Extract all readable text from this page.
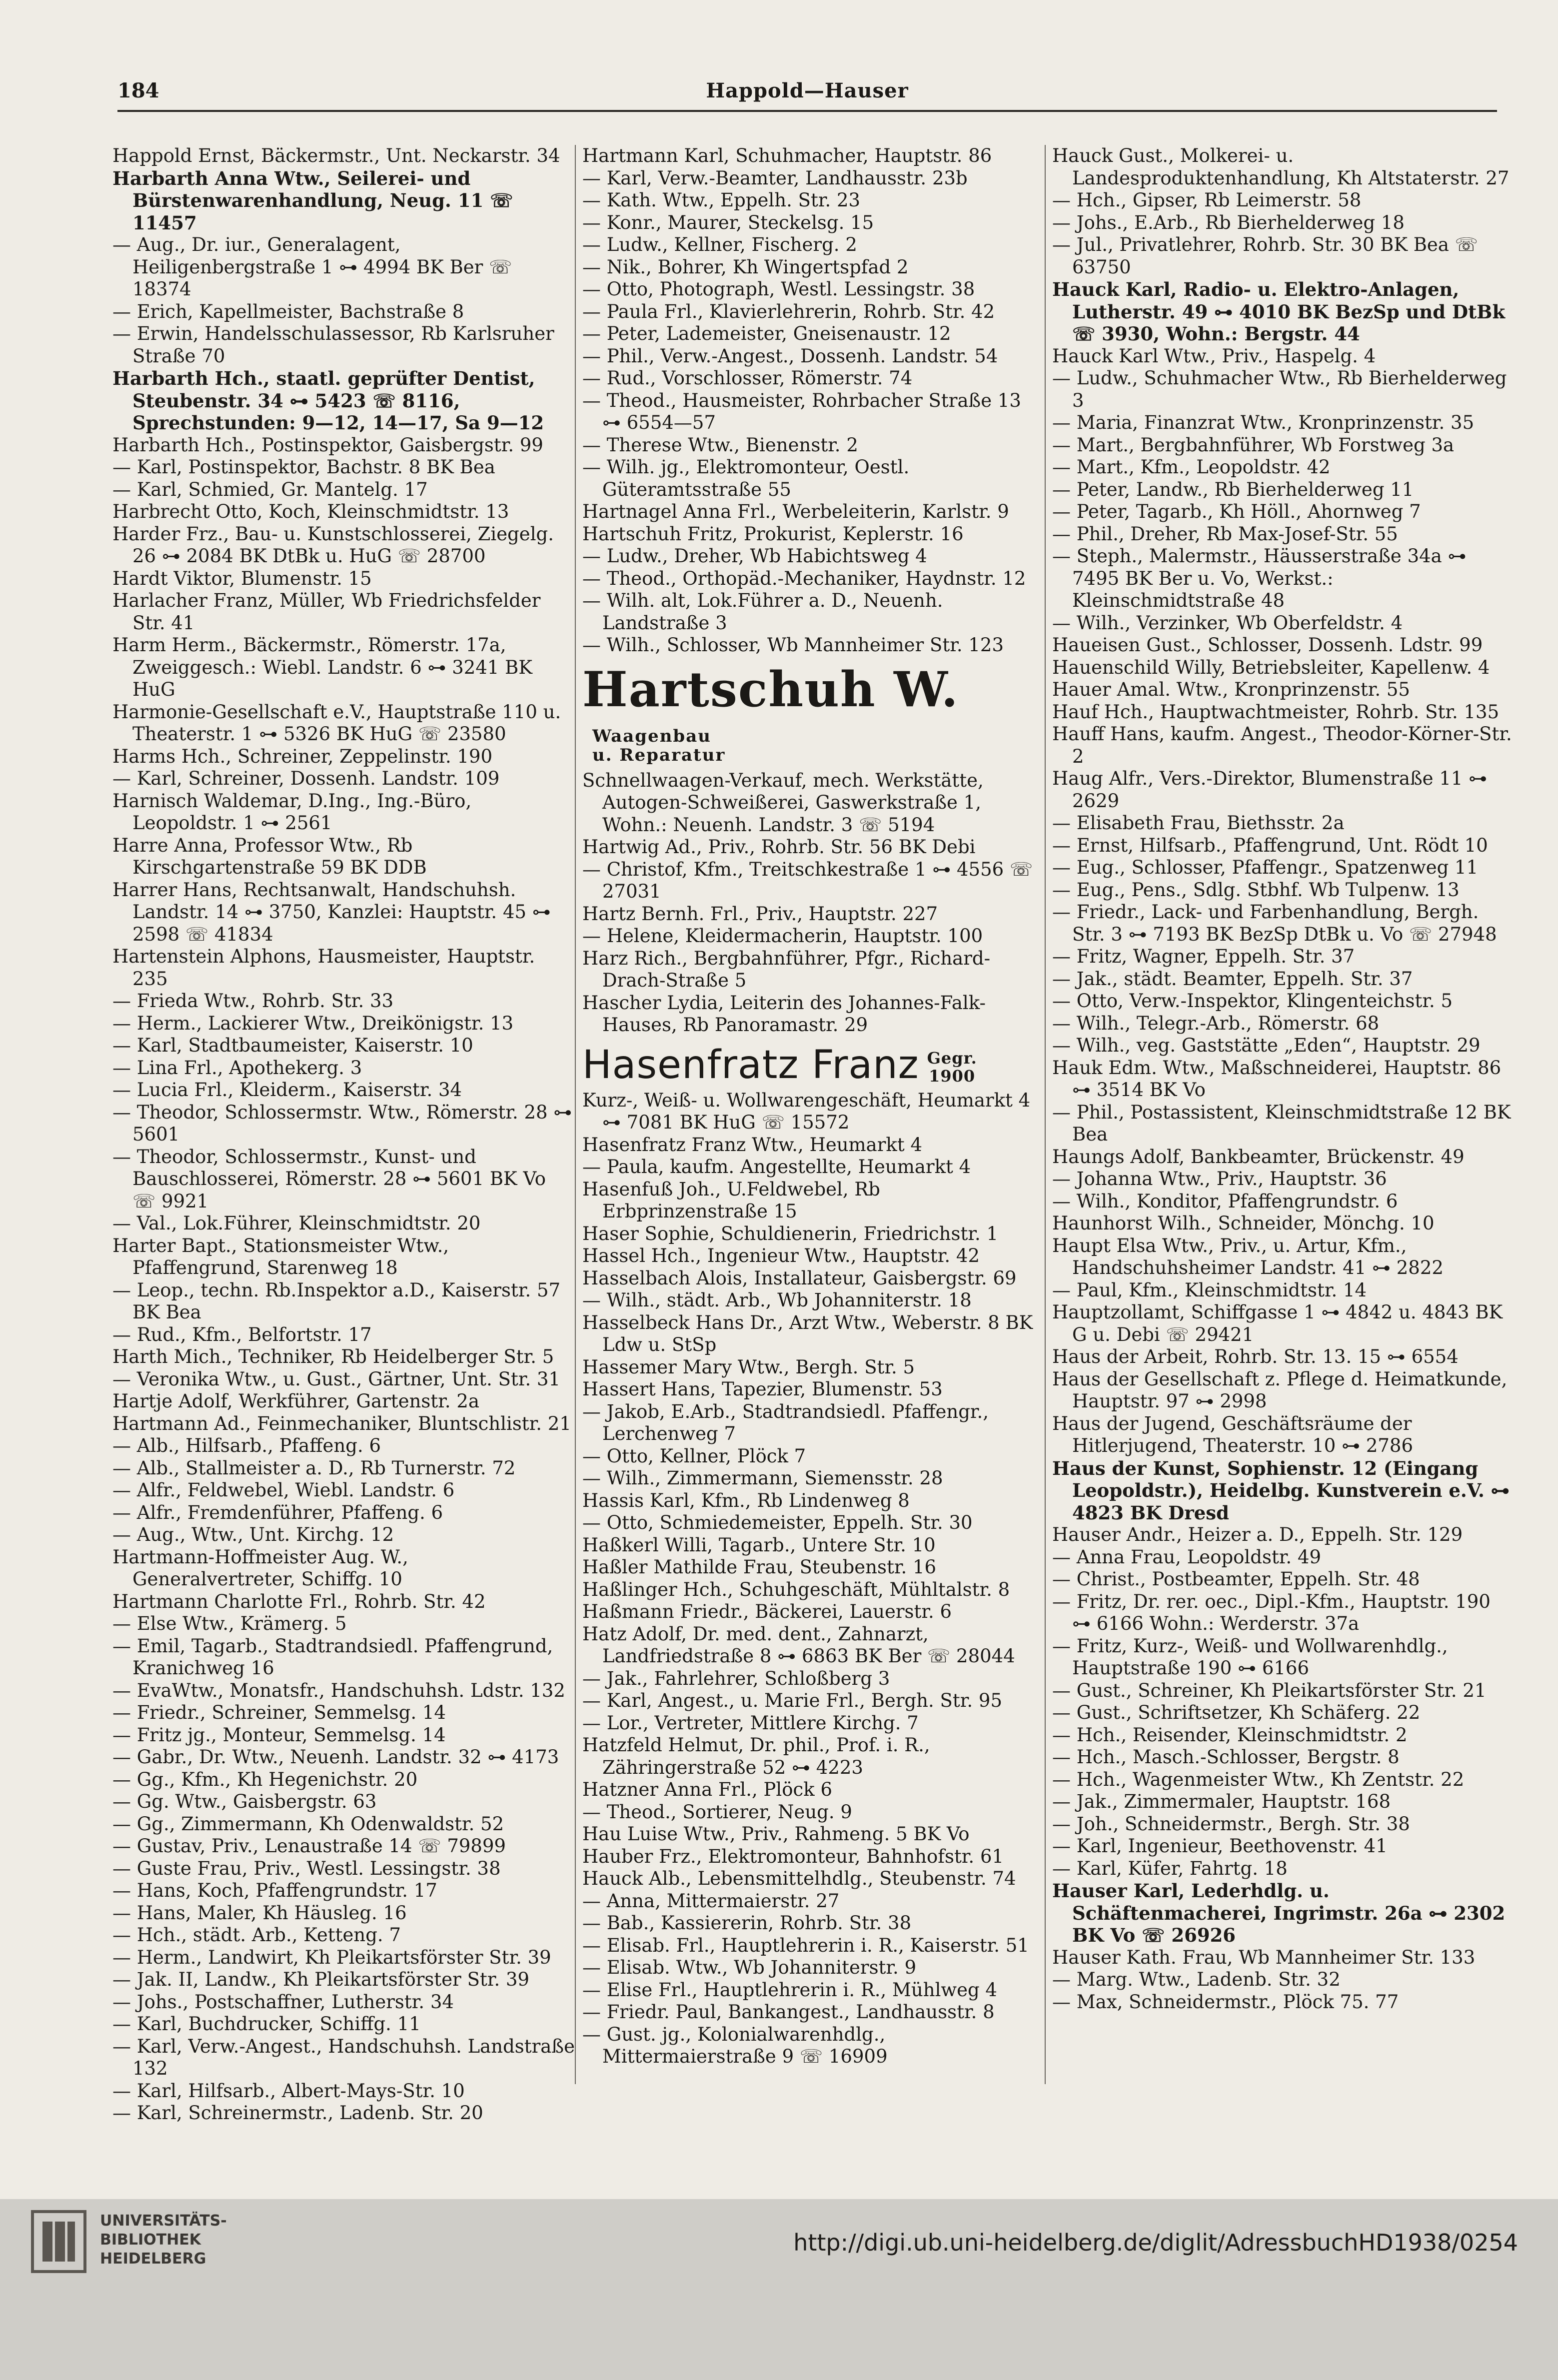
184	Happold—Hauser

Happold Ernst, Bäckermstr., Unt. Neckarstr. 34

Harbarth Anna Wtw., Seilerei- und Bürstenwarenhandlung, Neug. 11 ☏ 11457

— Aug., Dr. iur., Generalagent, Heiligenbergstraße 1 ⊶ 4994 BK Ber ☏ 18374

— Erich, Kapellmeister, Bachstraße 8

— Erwin, Handelsschulassessor, Rb Karlsruher Straße 70

Harbarth Hch., staatl. geprüfter Dentist, Steubenstr. 34 ⊶ 5423 ☏ 8116, Sprechstunden: 9—12, 14—17, Sa 9—12

Harbarth Hch., Postinspektor, Gaisbergstr. 99

— Karl, Postinspektor, Bachstr. 8 BK Bea

— Karl, Schmied, Gr. Mantelg. 17

Harbrecht Otto, Koch, Kleinschmidtstr. 13

Harder Frz., Bau- u. Kunstschlosserei, Ziegelg. 26 ⊶ 2084 BK DtBk u. HuG ☏ 28700

Hardt Viktor, Blumenstr. 15

Harlacher Franz, Müller, Wb Friedrichsfelder Str. 41

Harm Herm., Bäckermstr., Römerstr. 17a, Zweiggesch.: Wiebl. Landstr. 6 ⊶ 3241 BK HuG

Harmonie-Gesellschaft e.V., Hauptstraße 110 u. Theaterstr. 1 ⊶ 5326 BK HuG ☏ 23580

Harms Hch., Schreiner, Zeppelinstr. 190

— Karl, Schreiner, Dossenh. Landstr. 109

Harnisch Waldemar, D.Ing., Ing.-Büro, Leopoldstr. 1 ⊶ 2561

Harre Anna, Professor Wtw., Rb Kirschgartenstraße 59 BK DDB

Harrer Hans, Rechtsanwalt, Handschuhsh. Landstr. 14 ⊶ 3750, Kanzlei: Hauptstr. 45 ⊶ 2598 ☏ 41834

Hartenstein Alphons, Hausmeister, Hauptstr. 235

— Frieda Wtw., Rohrb. Str. 33

— Herm., Lackierer Wtw., Dreikönigstr. 13

— Karl, Stadtbaumeister, Kaiserstr. 10

— Lina Frl., Apothekerg. 3

— Lucia Frl., Kleiderm., Kaiserstr. 34

— Theodor, Schlossermstr. Wtw., Römerstr. 28 ⊶ 5601

— Theodor, Schlossermstr., Kunst- und Bauschlosserei, Römerstr. 28 ⊶ 5601 BK Vo ☏ 9921

— Val., Lok.Führer, Kleinschmidtstr. 20

Harter Bapt., Stationsmeister Wtw., Pfaffengrund, Starenweg 18

— Leop., techn. Rb.Inspektor a.D., Kaiserstr. 57 BK Bea

— Rud., Kfm., Belfortstr. 17

Harth Mich., Techniker, Rb Heidelberger Str. 5

— Veronika Wtw., u. Gust., Gärtner, Unt. Str. 31

Hartje Adolf, Werkführer, Gartenstr. 2a

Hartmann Ad., Feinmechaniker, Bluntschlistr. 21

— Alb., Hilfsarb., Pfaffeng. 6

— Alb., Stallmeister a. D., Rb Turnerstr. 72

— Alfr., Feldwebel, Wiebl. Landstr. 6

— Alfr., Fremdenführer, Pfaffeng. 6

— Aug., Wtw., Unt. Kirchg. 12

Hartmann-Hoffmeister Aug. W., Generalvertreter, Schiffg. 10

Hartmann Charlotte Frl., Rohrb. Str. 42

— Else Wtw., Krämerg. 5

— Emil, Tagarb., Stadtrandsiedl. Pfaffengrund, Kranichweg 16

— EvaWtw., Monatsfr., Handschuhsh. Ldstr. 132

— Friedr., Schreiner, Semmelsg. 14

— Fritz jg., Monteur, Semmelsg. 14

— Gabr., Dr. Wtw., Neuenh. Landstr. 32 ⊶ 4173

— Gg., Kfm., Kh Hegenichstr. 20

— Gg. Wtw., Gaisbergstr. 63

— Gg., Zimmermann, Kh Odenwaldstr. 52

— Gustav, Priv., Lenaustraße 14 ☏ 79899

— Guste Frau, Priv., Westl. Lessingstr. 38

— Hans, Koch, Pfaffengrundstr. 17

— Hans, Maler, Kh Häusleg. 16

— Hch., städt. Arb., Ketteng. 7

— Herm., Landwirt, Kh Pleikartsförster Str. 39

— Jak. II, Landw., Kh Pleikartsförster Str. 39

— Johs., Postschaffner, Lutherstr. 34

— Karl, Buchdrucker, Schiffg. 11

— Karl, Verw.-Angest., Handschuhsh. Landstraße 132

— Karl, Hilfsarb., Albert-Mays-Str. 10

— Karl, Schreinermstr., Ladenb. Str. 20

Hartmann Karl, Schuhmacher, Hauptstr. 86

— Karl, Verw.-Beamter, Landhausstr. 23b

— Kath. Wtw., Eppelh. Str. 23

— Konr., Maurer, Steckelsg. 15

— Ludw., Kellner, Fischerg. 2

— Nik., Bohrer, Kh Wingertspfad 2

— Otto, Photograph, Westl. Lessingstr. 38

— Paula Frl., Klavierlehrerin, Rohrb. Str. 42

— Peter, Lademeister, Gneisenaustr. 12

— Phil., Verw.-Angest., Dossenh. Landstr. 54

— Rud., Vorschlosser, Römerstr. 74

— Theod., Hausmeister, Rohrbacher Straße 13 ⊶ 6554—57

— Therese Wtw., Bienenstr. 2

— Wilh. jg., Elektromonteur, Oestl. Güteramtsstraße 55

Hartnagel Anna Frl., Werbeleiterin, Karlstr. 9

Hartschuh Fritz, Prokurist, Keplerstr. 16

— Ludw., Dreher, Wb Habichtsweg 4

— Theod., Orthopäd.-Mechaniker, Haydnstr. 12

— Wilh. alt, Lok.Führer a. D., Neuenh. Landstraße 3

— Wilh., Schlosser, Wb Mannheimer Str. 123

Hartschuh W.Waagenbau
u. Reparatur

Schnellwaagen-Verkauf, mech. Werkstätte, Autogen-Schweißerei, Gaswerkstraße 1, Wohn.: Neuenh. Landstr. 3 ☏ 5194

Hartwig Ad., Priv., Rohrb. Str. 56 BK Debi

— Christof, Kfm., Treitschkestraße 1 ⊶ 4556 ☏ 27031

Hartz Bernh. Frl., Priv., Hauptstr. 227

— Helene, Kleidermacherin, Hauptstr. 100

Harz Rich., Bergbahnführer, Pfgr., Richard-Drach-Straße 5

Hascher Lydia, Leiterin des Johannes-Falk-Hauses, Rb Panoramastr. 29

Hasenfratz Franz Gegr.
1900

Kurz-, Weiß- u. Wollwarengeschäft, Heumarkt 4 ⊶ 7081 BK HuG ☏ 15572

Hasenfratz Franz Wtw., Heumarkt 4

— Paula, kaufm. Angestellte, Heumarkt 4

Hasenfuß Joh., U.Feldwebel, Rb Erbprinzenstraße 15

Haser Sophie, Schuldienerin, Friedrichstr. 1

Hassel Hch., Ingenieur Wtw., Hauptstr. 42

Hasselbach Alois, Installateur, Gaisbergstr. 69

— Wilh., städt. Arb., Wb Johanniterstr. 18

Hasselbeck Hans Dr., Arzt Wtw., Weberstr. 8 BK Ldw u. StSp

Hassemer Mary Wtw., Bergh. Str. 5

Hassert Hans, Tapezier, Blumenstr. 53

— Jakob, E.Arb., Stadtrandsiedl. Pfaffengr., Lerchenweg 7

— Otto, Kellner, Plöck 7

— Wilh., Zimmermann, Siemensstr. 28

Hassis Karl, Kfm., Rb Lindenweg 8

— Otto, Schmiedemeister, Eppelh. Str. 30

Haßkerl Willi, Tagarb., Untere Str. 10

Haßler Mathilde Frau, Steubenstr. 16

Haßlinger Hch., Schuhgeschäft, Mühltalstr. 8

Haßmann Friedr., Bäckerei, Lauerstr. 6

Hatz Adolf, Dr. med. dent., Zahnarzt, Landfriedstraße 8 ⊶ 6863 BK Ber ☏ 28044

— Jak., Fahrlehrer, Schloßberg 3

— Karl, Angest., u. Marie Frl., Bergh. Str. 95

— Lor., Vertreter, Mittlere Kirchg. 7

Hatzfeld Helmut, Dr. phil., Prof. i. R., Zähringerstraße 52 ⊶ 4223

Hatzner Anna Frl., Plöck 6

— Theod., Sortierer, Neug. 9

Hau Luise Wtw., Priv., Rahmeng. 5 BK Vo

Hauber Frz., Elektromonteur, Bahnhofstr. 61

Hauck Alb., Lebensmittelhdlg., Steubenstr. 74

— Anna, Mittermaierstr. 27

— Bab., Kassiererin, Rohrb. Str. 38

— Elisab. Frl., Hauptlehrerin i. R., Kaiserstr. 51

— Elisab. Wtw., Wb Johanniterstr. 9

— Elise Frl., Hauptlehrerin i. R., Mühlweg 4

— Friedr. Paul, Bankangest., Landhausstr. 8

— Gust. jg., Kolonialwarenhdlg., Mittermaierstraße 9 ☏ 16909

Hauck Gust., Molkerei- u. Landesproduktenhandlung, Kh Altstaterstr. 27

— Hch., Gipser, Rb Leimerstr. 58

— Johs., E.Arb., Rb Bierhelderweg 18

— Jul., Privatlehrer, Rohrb. Str. 30 BK Bea ☏ 63750

Hauck Karl, Radio- u. Elektro-Anlagen, Lutherstr. 49 ⊶ 4010 BK BezSp und DtBk ☏ 3930, Wohn.: Bergstr. 44

Hauck Karl Wtw., Priv., Haspelg. 4

— Ludw., Schuhmacher Wtw., Rb Bierhelderweg 3

— Maria, Finanzrat Wtw., Kronprinzenstr. 35

— Mart., Bergbahnführer, Wb Forstweg 3a

— Mart., Kfm., Leopoldstr. 42

— Peter, Landw., Rb Bierhelderweg 11

— Peter, Tagarb., Kh Höll., Ahornweg 7

— Phil., Dreher, Rb Max-Josef-Str. 55

— Steph., Malermstr., Häusserstraße 34a ⊶ 7495 BK Ber u. Vo, Werkst.: Kleinschmidtstraße 48

— Wilh., Verzinker, Wb Oberfeldstr. 4

Haueisen Gust., Schlosser, Dossenh. Ldstr. 99

Hauenschild Willy, Betriebsleiter, Kapellenw. 4

Hauer Amal. Wtw., Kronprinzenstr. 55

Hauf Hch., Hauptwachtmeister, Rohrb. Str. 135

Hauff Hans, kaufm. Angest., Theodor-Körner-Str. 2

Haug Alfr., Vers.-Direktor, Blumenstraße 11 ⊶ 2629

— Elisabeth Frau, Biethsstr. 2a

— Ernst, Hilfsarb., Pfaffengrund, Unt. Rödt 10

— Eug., Schlosser, Pfaffengr., Spatzenweg 11

— Eug., Pens., Sdlg. Stbhf. Wb Tulpenw. 13

— Friedr., Lack- und Farbenhandlung, Bergh. Str. 3 ⊶ 7193 BK BezSp DtBk u. Vo ☏ 27948

— Fritz, Wagner, Eppelh. Str. 37

— Jak., städt. Beamter, Eppelh. Str. 37

— Otto, Verw.-Inspektor, Klingenteichstr. 5

— Wilh., Telegr.-Arb., Römerstr. 68

— Wilh., veg. Gaststätte „Eden“, Hauptstr. 29

Hauk Edm. Wtw., Maßschneiderei, Hauptstr. 86 ⊶ 3514 BK Vo

— Phil., Postassistent, Kleinschmidtstraße 12 BK Bea

Haungs Adolf, Bankbeamter, Brückenstr. 49

— Johanna Wtw., Priv., Hauptstr. 36

— Wilh., Konditor, Pfaffengrundstr. 6

Haunhorst Wilh., Schneider, Mönchg. 10

Haupt Elsa Wtw., Priv., u. Artur, Kfm., Handschuhsheimer Landstr. 41 ⊶ 2822

— Paul, Kfm., Kleinschmidtstr. 14

Hauptzollamt, Schiffgasse 1 ⊶ 4842 u. 4843 BK G u. Debi ☏ 29421

Haus der Arbeit, Rohrb. Str. 13. 15 ⊶ 6554

Haus der Gesellschaft z. Pflege d. Heimatkunde, Hauptstr. 97 ⊶ 2998

Haus der Jugend, Geschäftsräume der Hitlerjugend, Theaterstr. 10 ⊶ 2786

Haus der Kunst, Sophienstr. 12 (Eingang Leopoldstr.), Heidelbg. Kunstverein e.V. ⊶ 4823 BK Dresd

Hauser Andr., Heizer a. D., Eppelh. Str. 129

— Anna Frau, Leopoldstr. 49

— Christ., Postbeamter, Eppelh. Str. 48

— Fritz, Dr. rer. oec., Dipl.-Kfm., Hauptstr. 190 ⊶ 6166 Wohn.: Werderstr. 37a

— Fritz, Kurz-, Weiß- und Wollwarenhdlg., Hauptstraße 190 ⊶ 6166

— Gust., Schreiner, Kh Pleikartsförster Str. 21

— Gust., Schriftsetzer, Kh Schäferg. 22

— Hch., Reisender, Kleinschmidtstr. 2

— Hch., Masch.-Schlosser, Bergstr. 8

— Hch., Wagenmeister Wtw., Kh Zentstr. 22

— Jak., Zimmermaler, Hauptstr. 168

— Joh., Schneidermstr., Bergh. Str. 38

— Karl, Ingenieur, Beethovenstr. 41

— Karl, Küfer, Fahrtg. 18

Hauser Karl, Lederhdlg. u. Schäftenmacherei, Ingrimstr. 26a ⊶ 2302 BK Vo ☏ 26926

Hauser Kath. Frau, Wb Mannheimer Str. 133

— Marg. Wtw., Ladenb. Str. 32

— Max, Schneidermstr., Plöck 75. 77

UNIVERSITÄTS-
BIBLIOTHEK
HEIDELBERG
http://digi.ub.uni-heidelberg.de/diglit/AdressbuchHD1938/0254
